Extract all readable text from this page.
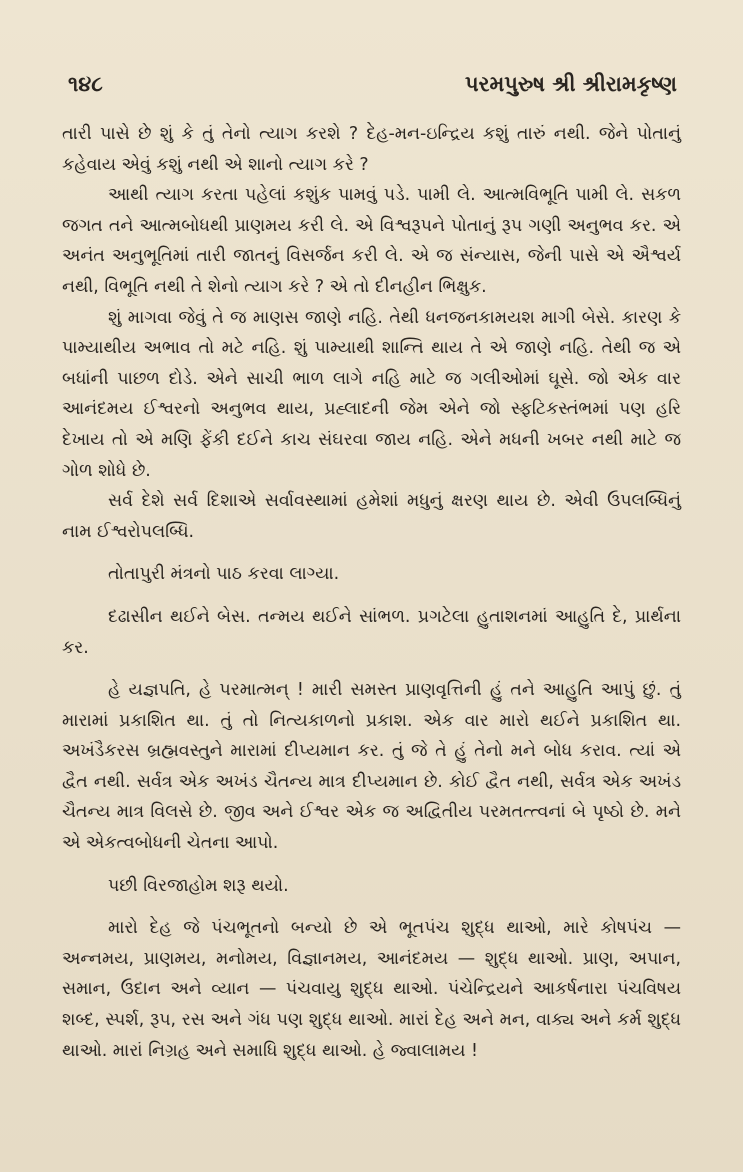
૧૪૮	પરમપુરુષ શ્રી શ્રીરામકૃષ્ણ

તારી પાસે છે શું કે તું તેનો ત્યાગ કરશે ? દેહ-મન-ઇન્દ્રિય કશું તારું નથી. જેને પોતાનું કહેવાય એવું કશું નથી એ શાનો ત્યાગ કરે ?

આથી ત્યાગ કરતા પહેલાં કશુંક પામવું પડે. પામી લે. આત્મવિભૂતિ પામી લે. સકળ જગત તને આત્મબોધથી પ્રાણમય કરી લે. એ વિશ્વરૂપને પોતાનું રૂપ ગણી અનુભવ કર. એ અનંત અનુભૂતિમાં તારી જાતનું વિસર્જન કરી લે. એ જ સંન્યાસ, જેની પાસે એ ઐશ્વર્ય નથી, વિભૂતિ નથી તે શેનો ત્યાગ કરે ? એ તો દીનહીન ભિક્ષુક.

શું માગવા જેવું તે જ માણસ જાણે નહિ. તેથી ધનજનકામયશ માગી બેસે. કારણ કે પામ્યાથીય અભાવ તો મટે નહિ. શું પામ્યાથી શાન્તિ થાય તે એ જાણે નહિ. તેથી જ એ બધાંની પાછળ દોડે. એને સાચી ભાળ લાગે નહિ માટે જ ગલીઓમાં ઘૂસે. જો એક વાર આનંદમય ઈશ્વરનો અનુભવ થાય, પ્રહ્લાદની જેમ એને જો સ્ફટિકસ્તંભમાં પણ હરિ દેખાય તો એ મણિ ફેંકી દઈને કાચ સંઘરવા જાય નહિ. એને મધની ખબર નથી માટે જ ગોળ શોધે છે.

સર્વ દેશે સર્વ દિશાએ સર્વાવસ્થામાં હમેશાં મધુનું ક્ષરણ થાય છે. એવી ઉપલબ્ધિનું નામ ઈશ્વરોપલબ્ધિ.

તોતાપુરી મંત્રનો પાઠ કરવા લાગ્યા.

દઢાસીન થઈને બેસ. તન્મય થઈને સાંભળ. પ્રગટેલા હુતાશનમાં આહુતિ દે, પ્રાર્થના કર.

હે યજ્ઞપતિ, હે પરમાત્મન્ ! મારી સમસ્ત પ્રાણવૃત્તિની હું તને આહુતિ આપું છું. તું મારામાં પ્રકાશિત થા. તું તો નિત્યકાળનો પ્રકાશ. એક વાર મારો થઈને પ્રકાશિત થા. અખંડૈકરસ બ્રહ્મવસ્તુને મારામાં દીપ્યમાન કર. તું જે તે હું તેનો મને બોધ કરાવ. ત્યાં એ દ્વૈત નથી. સર્વત્ર એક અખંડ ચૈતન્ય માત્ર દીપ્યમાન છે. કોઈ દ્વૈત નથી, સર્વત્ર એક અખંડ ચૈતન્ય માત્ર વિલસે છે. જીવ અને ઈશ્વર એક જ અદ્વિતીય પરમતત્ત્વનાં બે પૃષ્ઠો છે. મને એ એકત્વબોધની ચેતના આપો.

પછી વિરજાહોમ શરૂ થયો.

મારો દેહ જે પંચભૂતનો બન્યો છે એ ભૂતપંચ શુદ્ધ થાઓ, મારે કોષપંચ — અન્નમય, પ્રાણમય, મનોમય, વિજ્ઞાનમય, આનંદમય — શુદ્ધ થાઓ. પ્રાણ, અપાન, સમાન, ઉદાન અને વ્યાન — પંચવાયુ શુદ્ધ થાઓ. પંચેન્દ્રિયને આકર્ષનારા પંચવિષય શબ્દ, સ્પર્શ, રૂપ, રસ અને ગંધ પણ શુદ્ધ થાઓ. મારાં દેહ અને મન, વાક્ય અને કર્મ શુદ્ધ થાઓ. મારાં નિગ્રહ અને સમાધિ શુદ્ધ થાઓ. હે જ્વાલામય !
